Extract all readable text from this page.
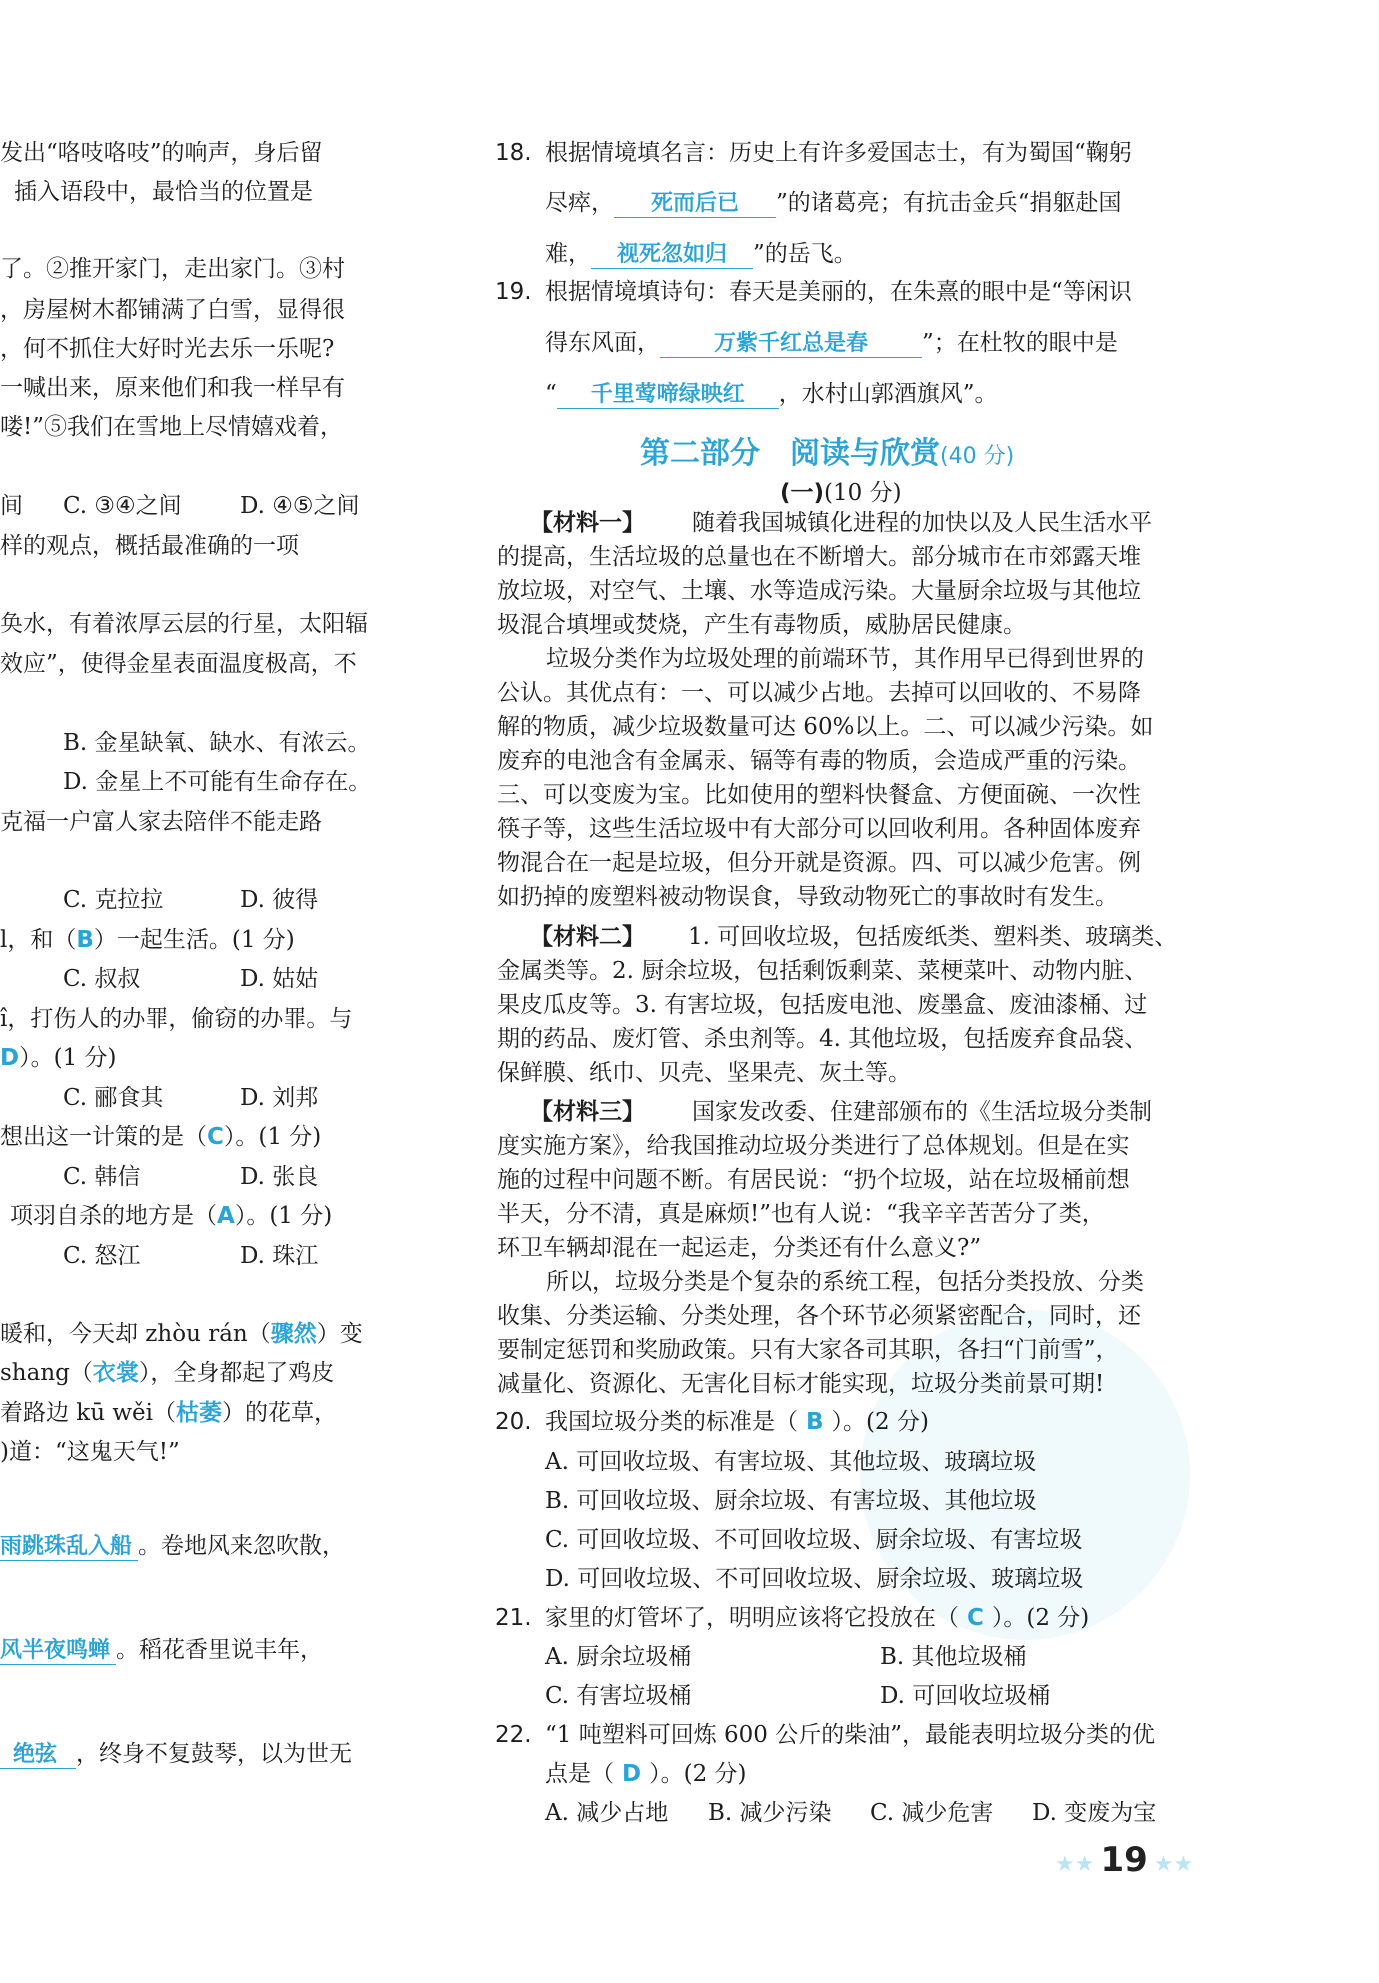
发出“咯吱咯吱”的响声，身后留
插入语段中，最恰当的位置是
了。②推开家门，走出家门。③村
，房屋树木都铺满了白雪，显得很
，何不抓住大好时光去乐一乐呢?
一喊出来，原来他们和我一样早有
喽!”⑤我们在雪地上尽情嬉戏着，
间 C. ③④之间	D. ④⑤之间
样的观点，概括最准确的一项
奂水，有着浓厚云层的行星，太阳辐
效应”，使得金星表面温度极高，不
B. 金星缺氧、缺水、有浓云。
D. 金星上不可能有生命存在。
克福一户富人家去陪伴不能走路
C. 克拉拉	D. 彼得
l，和（B）一起生活。(1 分)
C. 叔叔	D. 姑姑
î，打伤人的办罪，偷窃的办罪。与
D）。(1 分)
C. 郦食其	D. 刘邦
想出这一计策的是（C）。(1 分)
C. 韩信	D. 张良
项羽自杀的地方是（A）。(1 分)
C. 怒江	D. 珠江
暖和，今天却 zhòu rán（骤然）变
shang（衣裳），全身都起了鸡皮
着路边 kū wěi（枯萎）的花草，
)道：“这鬼天气!”
雨跳珠乱入船 。卷地风来忽吹散，
风半夜鸣蝉 。稻花香里说丰年，
绝弦 ，终身不复鼓琴，以为世无
18. 根据情境填名言：历史上有许多爱国志士，有为蜀国“鞠躬
尽瘁， 死而后已 ”的诸葛亮；有抗击金兵“捐躯赴国
难， 视死忽如归 ”的岳飞。
19. 根据情境填诗句：春天是美丽的，在朱熹的眼中是“等闲识
得东风面， 万紫千红总是春 ”；在杜牧的眼中是
“ 千里莺啼绿映红 ，水村山郭酒旗风”。
第二部分　阅读与欣赏(40 分)
(一)(10 分)
【材料一】 随着我国城镇化进程的加快以及人民生活水平
的提高，生活垃圾的总量也在不断增大。部分城市在市郊露天堆
放垃圾，对空气、土壤、水等造成污染。大量厨余垃圾与其他垃
圾混合填埋或焚烧，产生有毒物质，威胁居民健康。
垃圾分类作为垃圾处理的前端环节，其作用早已得到世界的
公认。其优点有：一、可以减少占地。去掉可以回收的、不易降
解的物质，减少垃圾数量可达 60%以上。二、可以减少污染。如
废弃的电池含有金属汞、镉等有毒的物质，会造成严重的污染。
三、可以变废为宝。比如使用的塑料快餐盒、方便面碗、一次性
筷子等，这些生活垃圾中有大部分可以回收利用。各种固体废弃
物混合在一起是垃圾，但分开就是资源。四、可以减少危害。例
如扔掉的废塑料被动物误食，导致动物死亡的事故时有发生。
【材料二】 1. 可回收垃圾，包括废纸类、塑料类、玻璃类、
金属类等。2. 厨余垃圾，包括剩饭剩菜、菜梗菜叶、动物内脏、
果皮瓜皮等。3. 有害垃圾，包括废电池、废墨盒、废油漆桶、过
期的药品、废灯管、杀虫剂等。4. 其他垃圾，包括废弃食品袋、
保鲜膜、纸巾、贝壳、坚果壳、灰土等。
【材料三】 国家发改委、住建部颁布的《生活垃圾分类制
度实施方案》，给我国推动垃圾分类进行了总体规划。但是在实
施的过程中问题不断。有居民说：“扔个垃圾，站在垃圾桶前想
半天，分不清，真是麻烦!”也有人说：“我辛辛苦苦分了类，
环卫车辆却混在一起运走，分类还有什么意义?”
所以，垃圾分类是个复杂的系统工程，包括分类投放、分类
收集、分类运输、分类处理，各个环节必须紧密配合，同时，还
要制定惩罚和奖励政策。只有大家各司其职，各扫“门前雪”，
减量化、资源化、无害化目标才能实现，垃圾分类前景可期!
20. 我国垃圾分类的标准是（ B ）。(2 分)
A. 可回收垃圾、有害垃圾、其他垃圾、玻璃垃圾
B. 可回收垃圾、厨余垃圾、有害垃圾、其他垃圾
C. 可回收垃圾、不可回收垃圾、厨余垃圾、有害垃圾
D. 可回收垃圾、不可回收垃圾、厨余垃圾、玻璃垃圾
21. 家里的灯管坏了，明明应该将它投放在（ C ）。(2 分)
A. 厨余垃圾桶	B. 其他垃圾桶
C. 有害垃圾桶	D. 可回收垃圾桶
22. “1 吨塑料可回炼 600 公斤的柴油”，最能表明垃圾分类的优
点是（ D ）。(2 分)
A. 减少占地 B. 减少污染 C. 减少危害 D. 变废为宝
★★ 19 ★★
